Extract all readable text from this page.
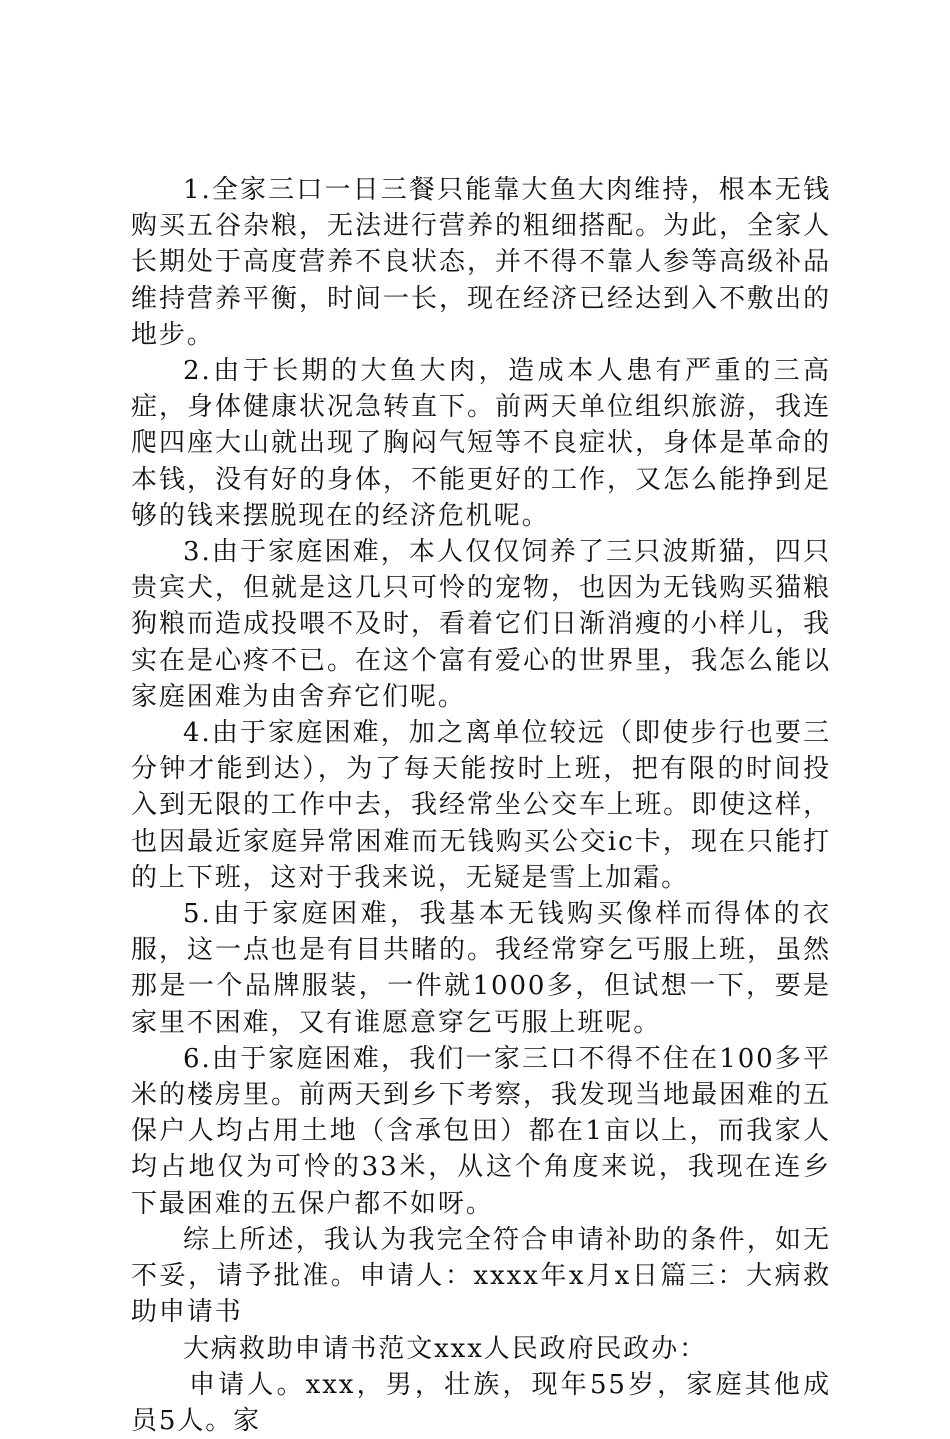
1.全家三口一日三餐只能靠大鱼大肉维持，根本无钱购买五谷杂粮，无法进行营养的粗细搭配。为此，全家人长期处于高度营养不良状态，并不得不靠人参等高级补品维持营养平衡，时间一长，现在经济已经达到入不敷出的地步。

2.由于长期的大鱼大肉，造成本人患有严重的三高症，身体健康状况急转直下。前两天单位组织旅游，我连爬四座大山就出现了胸闷气短等不良症状，身体是革命的本钱，没有好的身体，不能更好的工作，又怎么能挣到足够的钱来摆脱现在的经济危机呢。

3.由于家庭困难，本人仅仅饲养了三只波斯猫，四只贵宾犬，但就是这几只可怜的宠物，也因为无钱购买猫粮狗粮而造成投喂不及时，看着它们日渐消瘦的小样儿，我实在是心疼不已。在这个富有爱心的世界里，我怎么能以家庭困难为由舍弃它们呢。

4.由于家庭困难，加之离单位较远（即使步行也要三分钟才能到达），为了每天能按时上班，把有限的时间投入到无限的工作中去，我经常坐公交车上班。即使这样，也因最近家庭异常困难而无钱购买公交ic卡，现在只能打的上下班，这对于我来说，无疑是雪上加霜。

5.由于家庭困难，我基本无钱购买像样而得体的衣服，这一点也是有目共睹的。我经常穿乞丐服上班，虽然那是一个品牌服装，一件就1000多，但试想一下，要是家里不困难，又有谁愿意穿乞丐服上班呢。

6.由于家庭困难，我们一家三口不得不住在100多平米的楼房里。前两天到乡下考察，我发现当地最困难的五保户人均占用土地（含承包田）都在1亩以上，而我家人均占地仅为可怜的33米，从这个角度来说，我现在连乡下最困难的五保户都不如呀。

综上所述，我认为我完全符合申请补助的条件，如无不妥，请予批准。申请人：xxxx年x月x日篇三：大病救助申请书

大病救助申请书范文xxx人民政府民政办：

申请人。xxx，男，壮族，现年55岁，家庭其他成员5人。家
